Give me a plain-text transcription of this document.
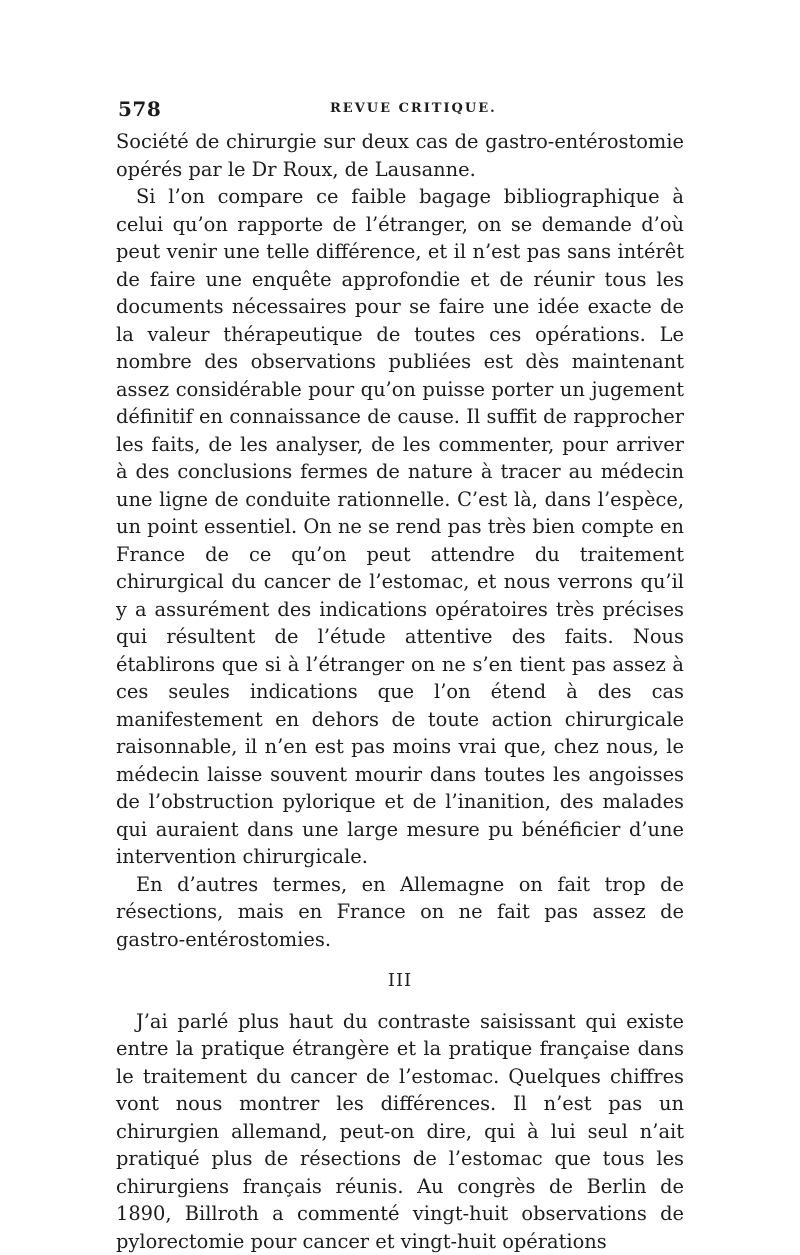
578	REVUE CRITIQUE.

Société de chirurgie sur deux cas de gastro-entérostomie opérés par le Dr Roux, de Lausanne.

Si l’on compare ce faible bagage bibliographique à celui qu’on rapporte de l’étranger, on se demande d’où peut venir une telle différence, et il n’est pas sans intérêt de faire une enquête approfondie et de réunir tous les documents nécessaires pour se faire une idée exacte de la valeur thérapeutique de toutes ces opérations. Le nombre des observations publiées est dès maintenant assez considérable pour qu’on puisse porter un jugement définitif en connaissance de cause. Il suffit de rapprocher les faits, de les analyser, de les commenter, pour arriver à des conclusions fermes de nature à tracer au médecin une ligne de conduite rationnelle. C’est là, dans l’espèce, un point essentiel. On ne se rend pas très bien compte en France de ce qu’on peut attendre du traitement chirurgical du cancer de l’estomac, et nous verrons qu’il y a assurément des indications opératoires très précises qui résultent de l’étude attentive des faits. Nous établirons que si à l’étranger on ne s’en tient pas assez à ces seules indications que l’on étend à des cas manifestement en dehors de toute action chirurgicale raisonnable, il n’en est pas moins vrai que, chez nous, le médecin laisse souvent mourir dans toutes les angoisses de l’obstruction pylorique et de l’inanition, des malades qui auraient dans une large mesure pu bénéficier d’une intervention chirurgicale.

En d’autres termes, en Allemagne on fait trop de résections, mais en France on ne fait pas assez de gastro-entérostomies.

III

J’ai parlé plus haut du contraste saisissant qui existe entre la pratique étrangère et la pratique française dans le traitement du cancer de l’estomac. Quelques chiffres vont nous montrer les différences. Il n’est pas un chirurgien allemand, peut-on dire, qui à lui seul n’ait pratiqué plus de résections de l’estomac que tous les chirurgiens français réunis. Au congrès de Berlin de 1890, Billroth a commenté vingt-huit observations de pylorectomie pour cancer et vingt-huit opérations
